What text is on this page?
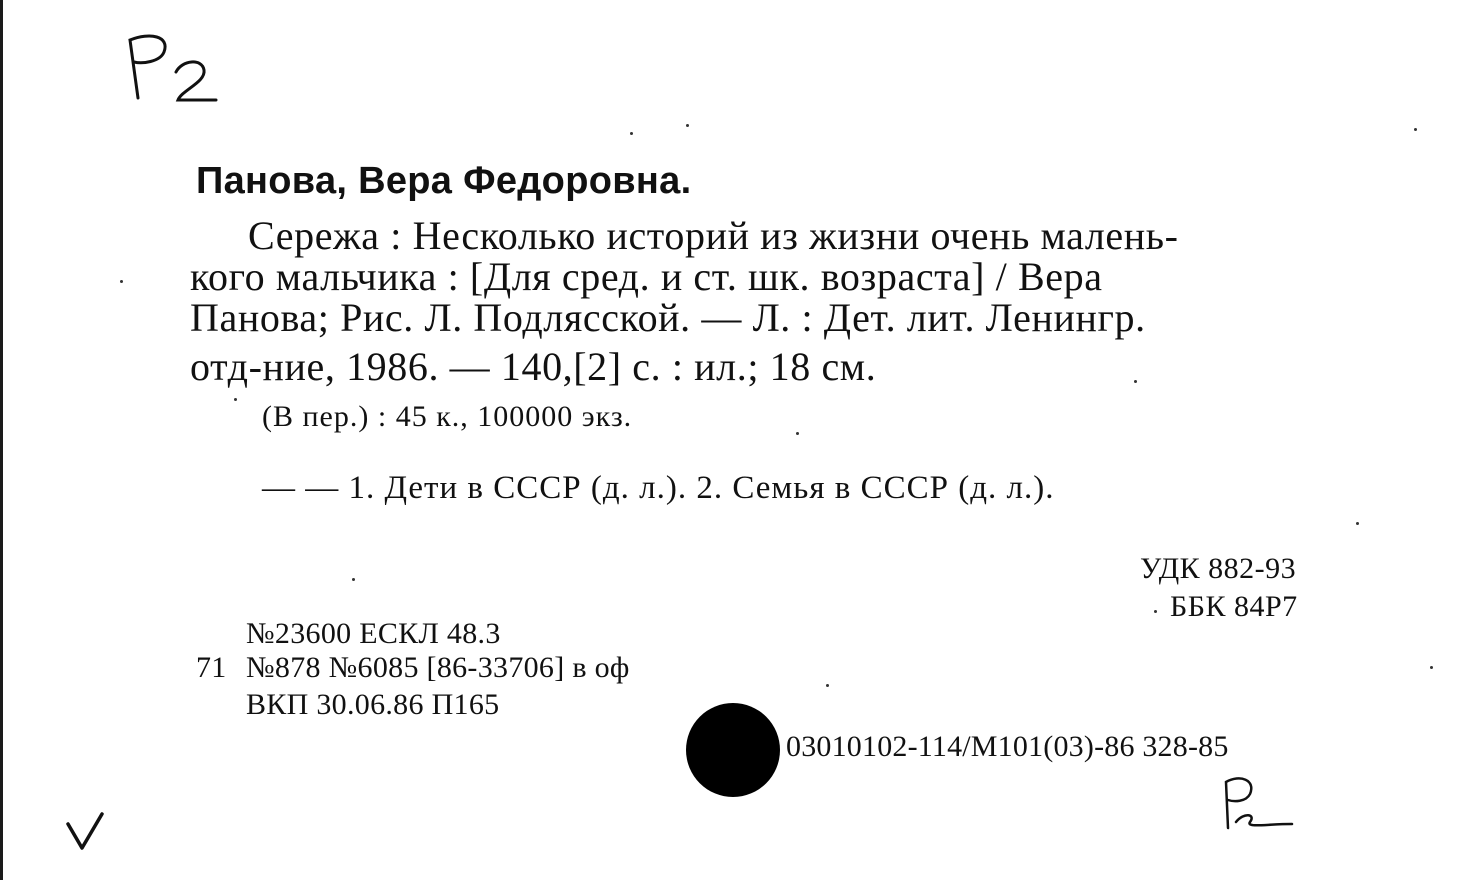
Панова, Вера Федоровна.
Сережа : Несколько историй из жизни очень малень-
кого мальчика : [Для сред. и ст. шк. возраста] / Вера
Панова; Рис. Л. Подлясской. — Л. : Дет. лит. Ленингр.
отд-ние, 1986. — 140,[2] с. : ил.; 18 см.
(В пер.) : 45 к., 100000 экз.
— — 1. Дети в СССР (д. л.). 2. Семья в СССР (д. л.).
УДК 882-93
ББК 84Р7
№23600 ЕСКЛ 48.3
71 №878 №6085 [86-33706] в оф
ВКП 30.06.86 П165
03010102-114/М101(03)-86 328-85
